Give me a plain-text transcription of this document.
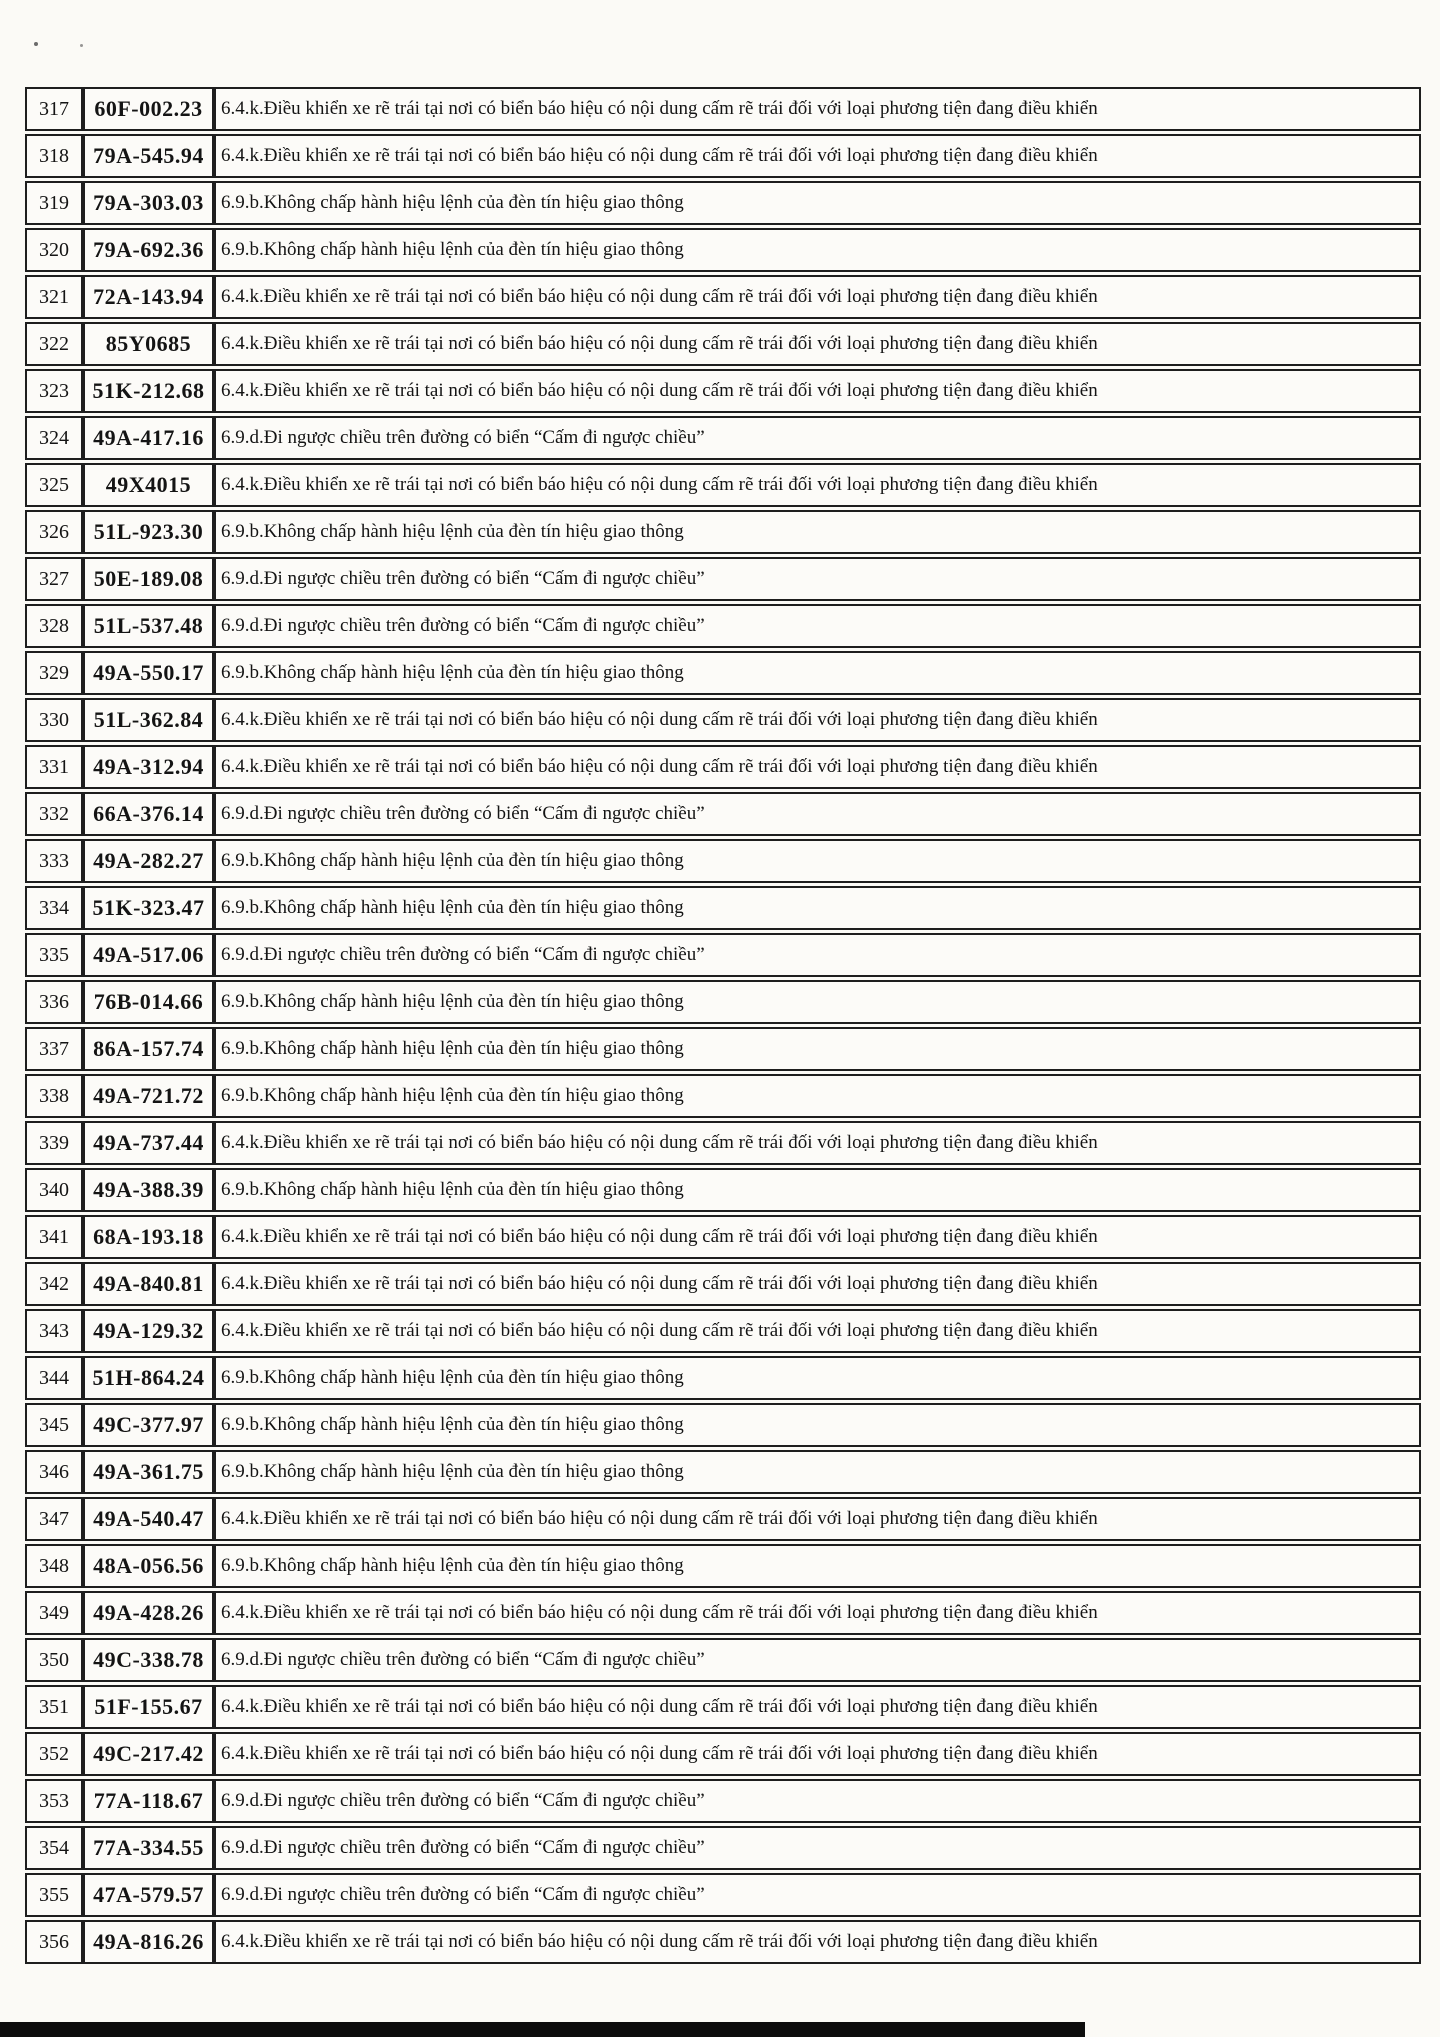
317	60F-002.23	6.4.k.Điều khiển xe rẽ trái tại nơi có biển báo hiệu có nội dung cấm rẽ trái đối với loại phương tiện đang điều khiển
318	79A-545.94	6.4.k.Điều khiển xe rẽ trái tại nơi có biển báo hiệu có nội dung cấm rẽ trái đối với loại phương tiện đang điều khiển
319	79A-303.03	6.9.b.Không chấp hành hiệu lệnh của đèn tín hiệu giao thông
320	79A-692.36	6.9.b.Không chấp hành hiệu lệnh của đèn tín hiệu giao thông
321	72A-143.94	6.4.k.Điều khiển xe rẽ trái tại nơi có biển báo hiệu có nội dung cấm rẽ trái đối với loại phương tiện đang điều khiển
322	85Y0685	6.4.k.Điều khiển xe rẽ trái tại nơi có biển báo hiệu có nội dung cấm rẽ trái đối với loại phương tiện đang điều khiển
323	51K-212.68	6.4.k.Điều khiển xe rẽ trái tại nơi có biển báo hiệu có nội dung cấm rẽ trái đối với loại phương tiện đang điều khiển
324	49A-417.16	6.9.d.Đi ngược chiều trên đường có biển “Cấm đi ngược chiều”
325	49X4015	6.4.k.Điều khiển xe rẽ trái tại nơi có biển báo hiệu có nội dung cấm rẽ trái đối với loại phương tiện đang điều khiển
326	51L-923.30	6.9.b.Không chấp hành hiệu lệnh của đèn tín hiệu giao thông
327	50E-189.08	6.9.d.Đi ngược chiều trên đường có biển “Cấm đi ngược chiều”
328	51L-537.48	6.9.d.Đi ngược chiều trên đường có biển “Cấm đi ngược chiều”
329	49A-550.17	6.9.b.Không chấp hành hiệu lệnh của đèn tín hiệu giao thông
330	51L-362.84	6.4.k.Điều khiển xe rẽ trái tại nơi có biển báo hiệu có nội dung cấm rẽ trái đối với loại phương tiện đang điều khiển
331	49A-312.94	6.4.k.Điều khiển xe rẽ trái tại nơi có biển báo hiệu có nội dung cấm rẽ trái đối với loại phương tiện đang điều khiển
332	66A-376.14	6.9.d.Đi ngược chiều trên đường có biển “Cấm đi ngược chiều”
333	49A-282.27	6.9.b.Không chấp hành hiệu lệnh của đèn tín hiệu giao thông
334	51K-323.47	6.9.b.Không chấp hành hiệu lệnh của đèn tín hiệu giao thông
335	49A-517.06	6.9.d.Đi ngược chiều trên đường có biển “Cấm đi ngược chiều”
336	76B-014.66	6.9.b.Không chấp hành hiệu lệnh của đèn tín hiệu giao thông
337	86A-157.74	6.9.b.Không chấp hành hiệu lệnh của đèn tín hiệu giao thông
338	49A-721.72	6.9.b.Không chấp hành hiệu lệnh của đèn tín hiệu giao thông
339	49A-737.44	6.4.k.Điều khiển xe rẽ trái tại nơi có biển báo hiệu có nội dung cấm rẽ trái đối với loại phương tiện đang điều khiển
340	49A-388.39	6.9.b.Không chấp hành hiệu lệnh của đèn tín hiệu giao thông
341	68A-193.18	6.4.k.Điều khiển xe rẽ trái tại nơi có biển báo hiệu có nội dung cấm rẽ trái đối với loại phương tiện đang điều khiển
342	49A-840.81	6.4.k.Điều khiển xe rẽ trái tại nơi có biển báo hiệu có nội dung cấm rẽ trái đối với loại phương tiện đang điều khiển
343	49A-129.32	6.4.k.Điều khiển xe rẽ trái tại nơi có biển báo hiệu có nội dung cấm rẽ trái đối với loại phương tiện đang điều khiển
344	51H-864.24	6.9.b.Không chấp hành hiệu lệnh của đèn tín hiệu giao thông
345	49C-377.97	6.9.b.Không chấp hành hiệu lệnh của đèn tín hiệu giao thông
346	49A-361.75	6.9.b.Không chấp hành hiệu lệnh của đèn tín hiệu giao thông
347	49A-540.47	6.4.k.Điều khiển xe rẽ trái tại nơi có biển báo hiệu có nội dung cấm rẽ trái đối với loại phương tiện đang điều khiển
348	48A-056.56	6.9.b.Không chấp hành hiệu lệnh của đèn tín hiệu giao thông
349	49A-428.26	6.4.k.Điều khiển xe rẽ trái tại nơi có biển báo hiệu có nội dung cấm rẽ trái đối với loại phương tiện đang điều khiển
350	49C-338.78	6.9.d.Đi ngược chiều trên đường có biển “Cấm đi ngược chiều”
351	51F-155.67	6.4.k.Điều khiển xe rẽ trái tại nơi có biển báo hiệu có nội dung cấm rẽ trái đối với loại phương tiện đang điều khiển
352	49C-217.42	6.4.k.Điều khiển xe rẽ trái tại nơi có biển báo hiệu có nội dung cấm rẽ trái đối với loại phương tiện đang điều khiển
353	77A-118.67	6.9.d.Đi ngược chiều trên đường có biển “Cấm đi ngược chiều”
354	77A-334.55	6.9.d.Đi ngược chiều trên đường có biển “Cấm đi ngược chiều”
355	47A-579.57	6.9.d.Đi ngược chiều trên đường có biển “Cấm đi ngược chiều”
356	49A-816.26	6.4.k.Điều khiển xe rẽ trái tại nơi có biển báo hiệu có nội dung cấm rẽ trái đối với loại phương tiện đang điều khiển
